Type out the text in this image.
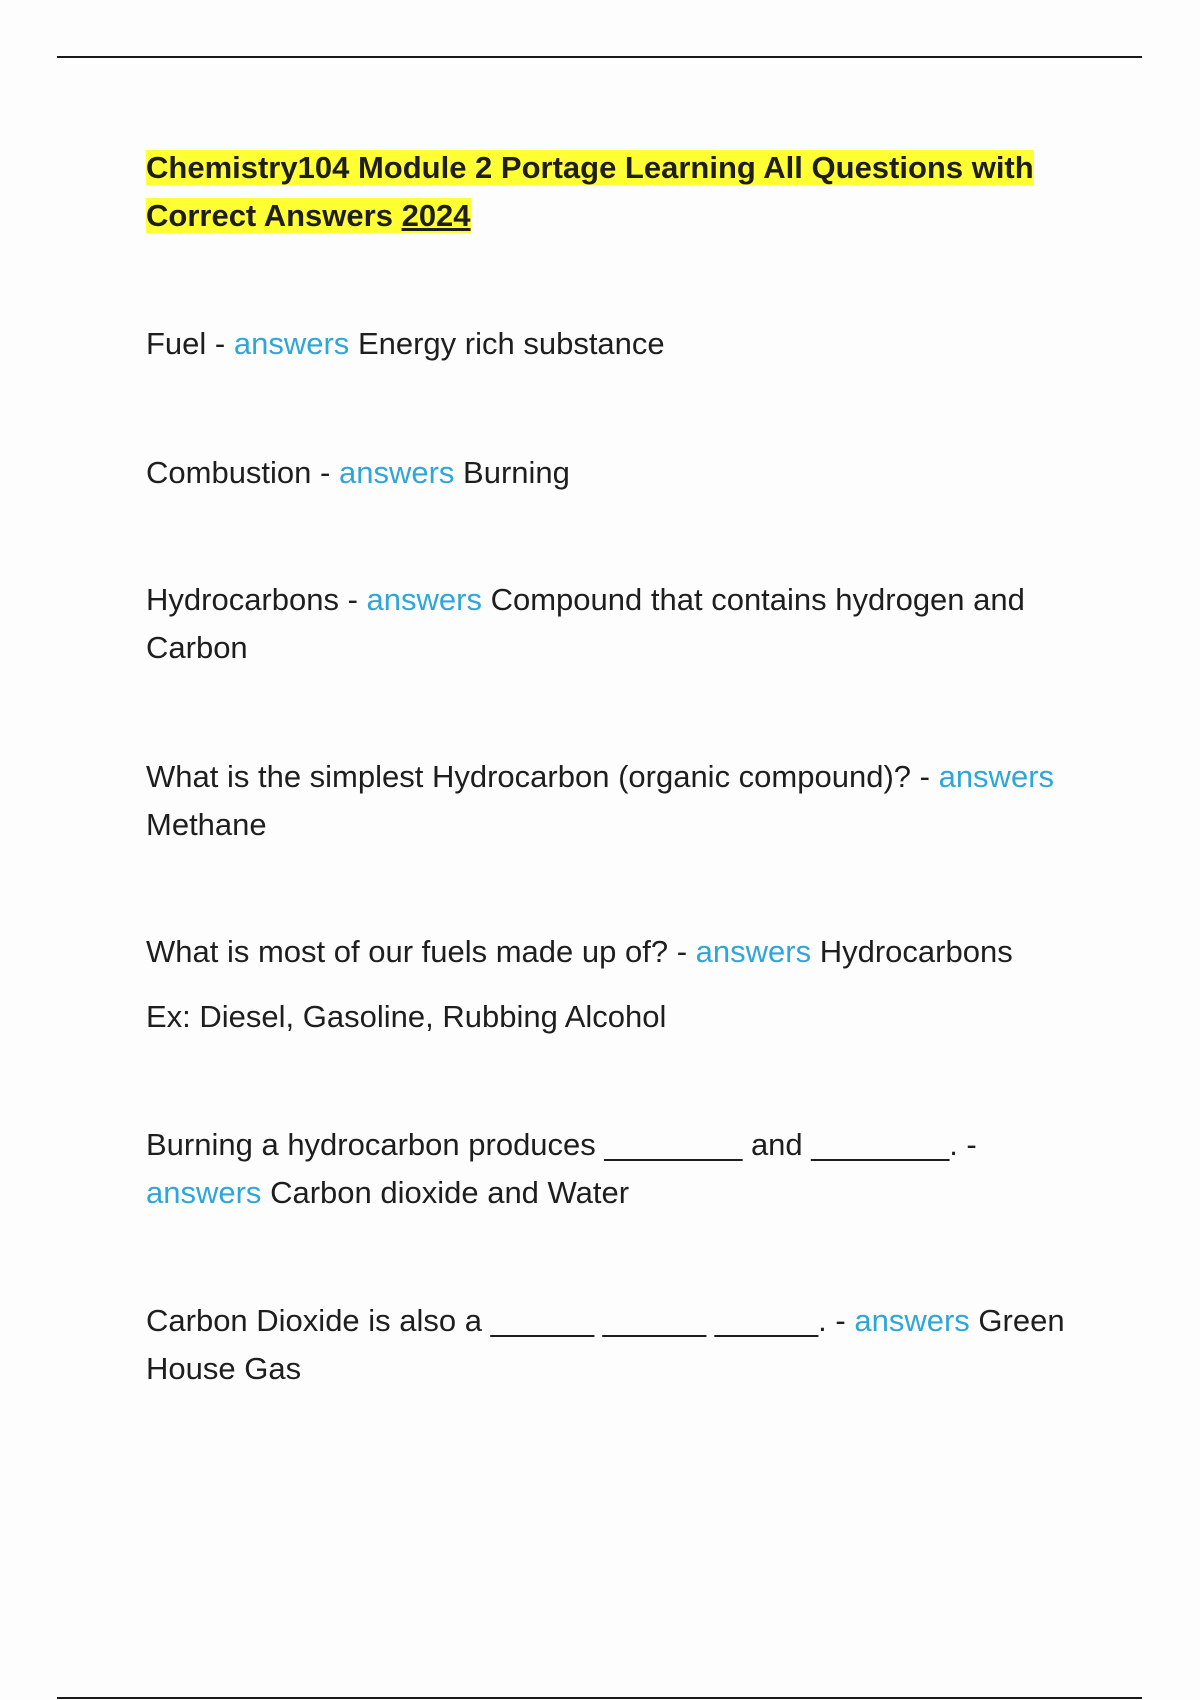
Chemistry104 Module 2 Portage Learning All Questions with Correct Answers 2024

Fuel - answers Energy rich substance

Combustion - answers Burning

Hydrocarbons - answers Compound that contains hydrogen and Carbon

What is the simplest Hydrocarbon (organic compound)? - answers Methane

What is most of our fuels made up of? - answers Hydrocarbons

Ex: Diesel, Gasoline, Rubbing Alcohol

Burning a hydrocarbon produces ________ and ________. - answers Carbon dioxide and Water

Carbon Dioxide is also a ______ ______ ______. - answers Green House Gas
